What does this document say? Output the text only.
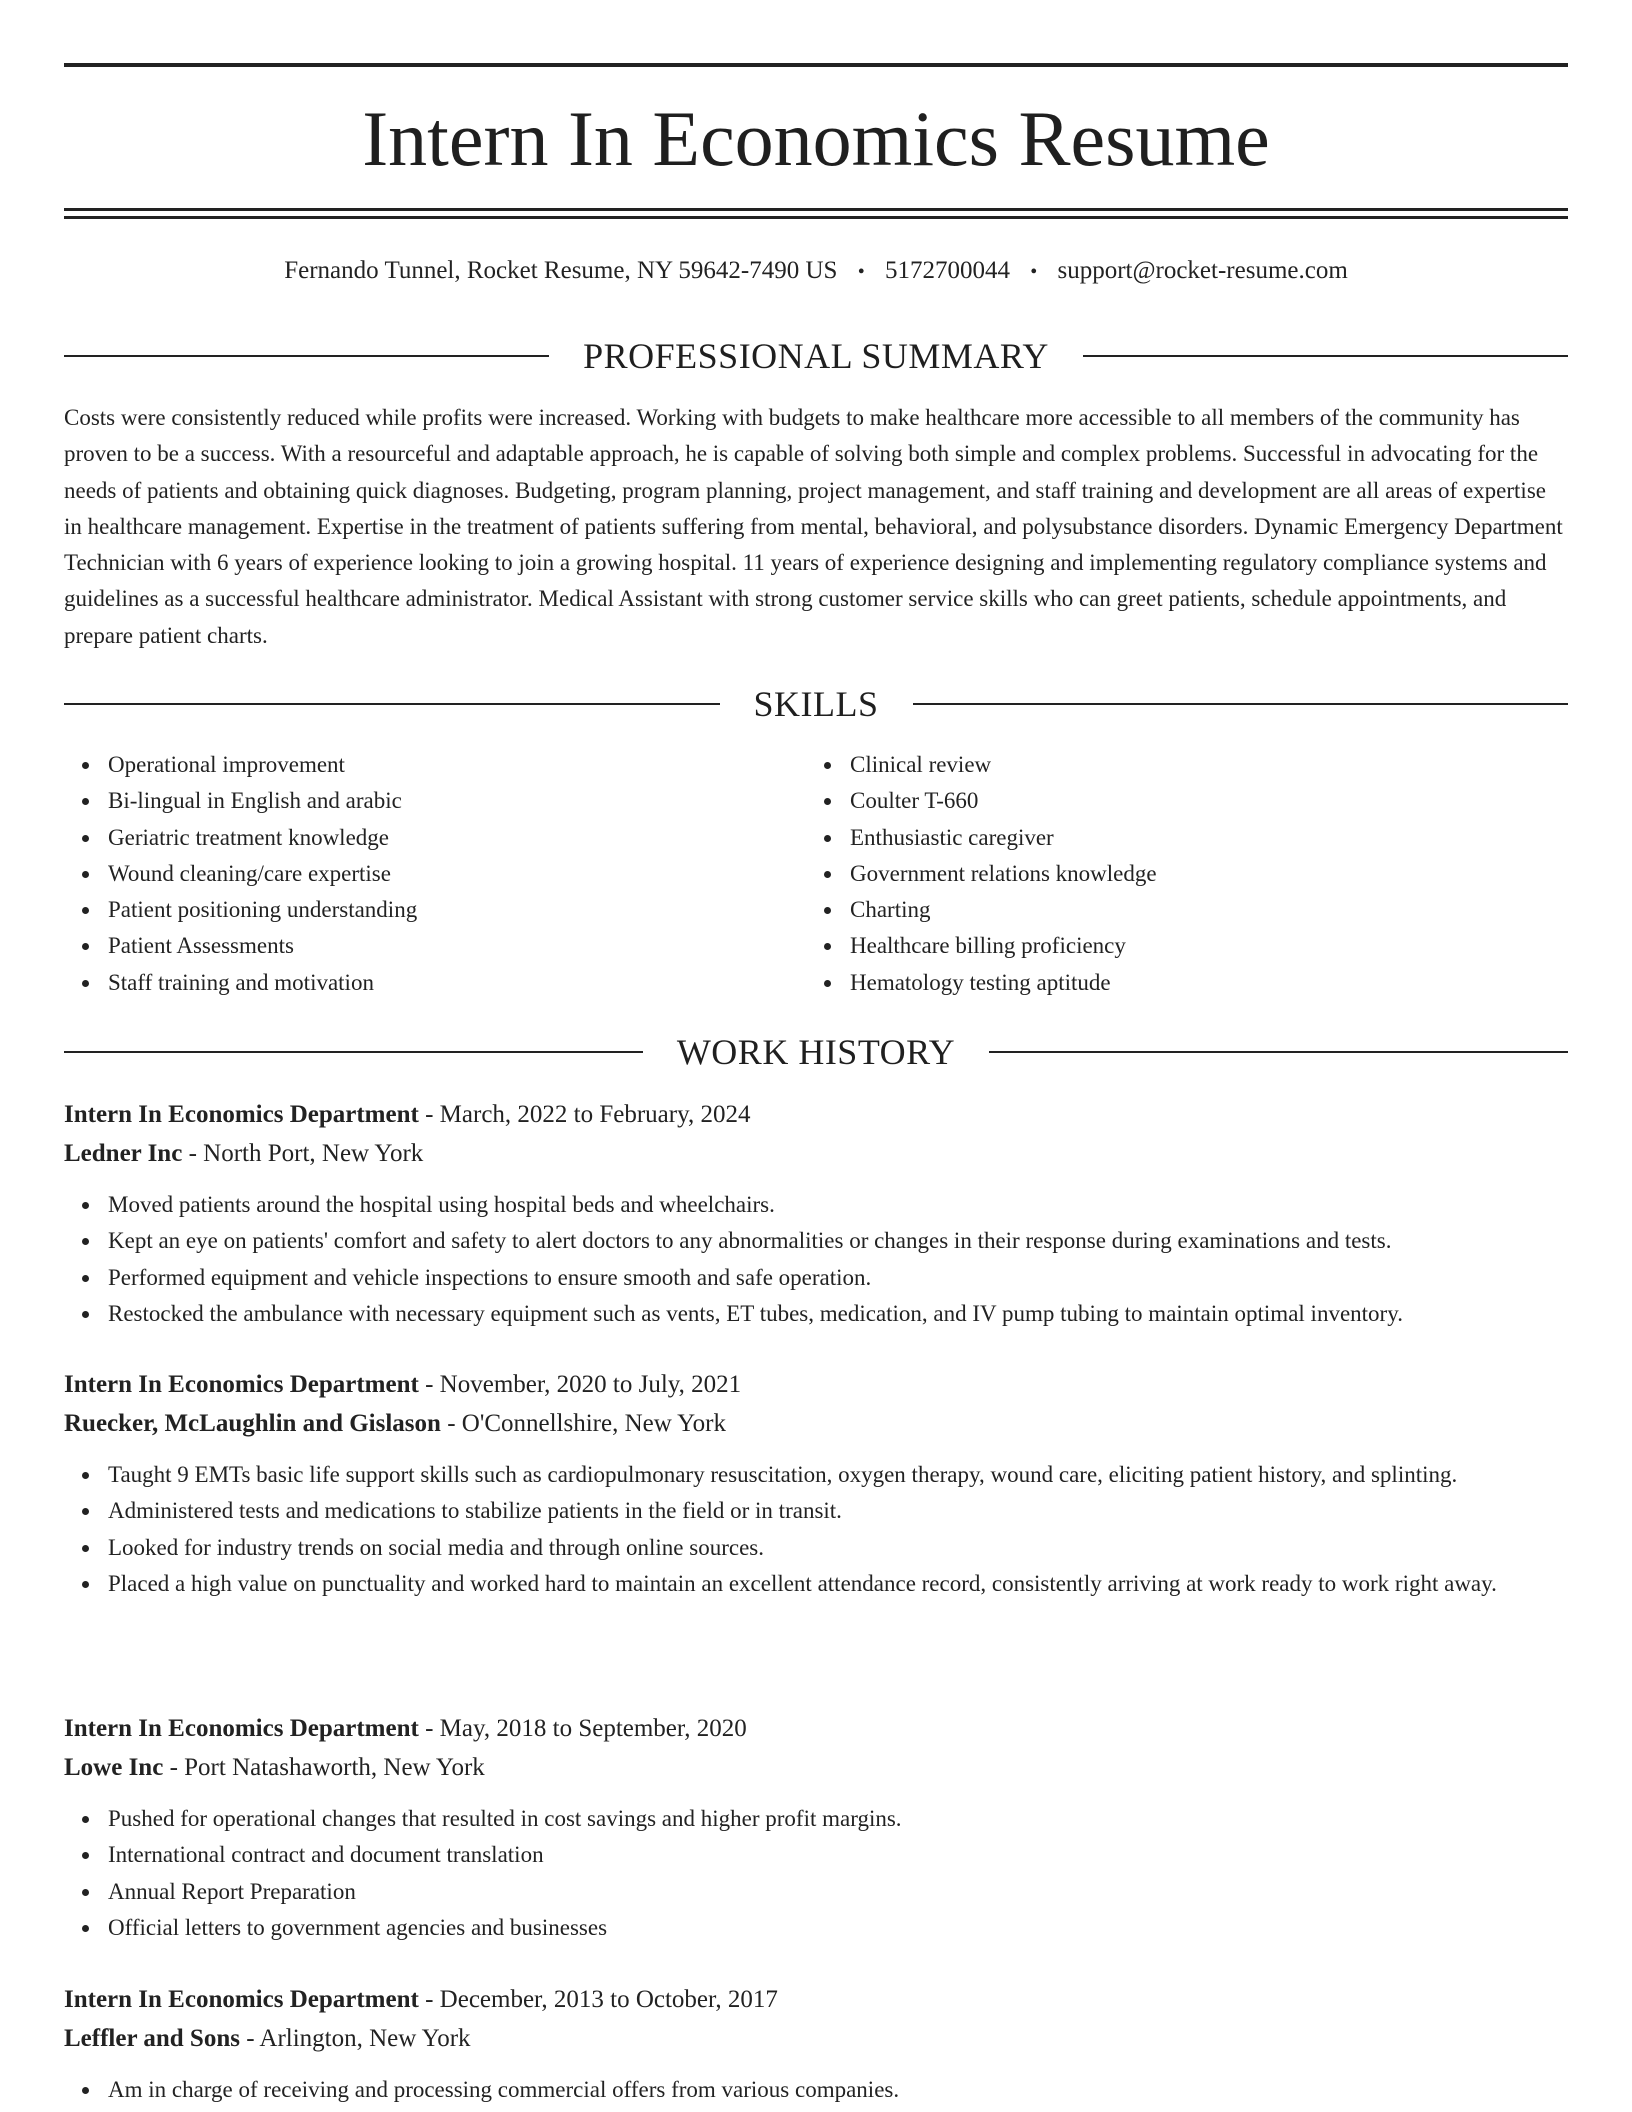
Intern In Economics Resume
Fernando Tunnel, Rocket Resume, NY 59642-7490 US • 5172700044 • support@rocket-resume.com
PROFESSIONAL SUMMARY

Costs were consistently reduced while profits were increased. Working with budgets to make healthcare more accessible to all members of the community has proven to be a success. With a resourceful and adaptable approach, he is capable of solving both simple and complex problems. Successful in advocating for the needs of patients and obtaining quick diagnoses. Budgeting, program planning, project management, and staff training and development are all areas of expertise in healthcare management. Expertise in the treatment of patients suffering from mental, behavioral, and polysubstance disorders. Dynamic Emergency Department Technician with 6 years of experience looking to join a growing hospital. 11 years of experience designing and implementing regulatory compliance systems and guidelines as a successful healthcare administrator. Medical Assistant with strong customer service skills who can greet patients, schedule appointments, and prepare patient charts.

SKILLS
Operational improvement
Bi-lingual in English and arabic
Geriatric treatment knowledge
Wound cleaning/care expertise
Patient positioning understanding
Patient Assessments
Staff training and motivation
Clinical review
Coulter T-660
Enthusiastic caregiver
Government relations knowledge
Charting
Healthcare billing proficiency
Hematology testing aptitude
WORK HISTORY
Intern In Economics Department - March, 2022 to February, 2024
Ledner Inc - North Port, New York
Moved patients around the hospital using hospital beds and wheelchairs.
Kept an eye on patients' comfort and safety to alert doctors to any abnormalities or changes in their response during examinations and tests.
Performed equipment and vehicle inspections to ensure smooth and safe operation.
Restocked the ambulance with necessary equipment such as vents, ET tubes, medication, and IV pump tubing to maintain optimal inventory.
Intern In Economics Department - November, 2020 to July, 2021
Ruecker, McLaughlin and Gislason - O'Connellshire, New York
Taught 9 EMTs basic life support skills such as cardiopulmonary resuscitation, oxygen therapy, wound care, eliciting patient history, and splinting.
Administered tests and medications to stabilize patients in the field or in transit.
Looked for industry trends on social media and through online sources.
Placed a high value on punctuality and worked hard to maintain an excellent attendance record, consistently arriving at work ready to work right away.
Intern In Economics Department - May, 2018 to September, 2020
Lowe Inc - Port Natashaworth, New York
Pushed for operational changes that resulted in cost savings and higher profit margins.
International contract and document translation
Annual Report Preparation
Official letters to government agencies and businesses
Intern In Economics Department - December, 2013 to October, 2017
Leffler and Sons - Arlington, New York
Am in charge of receiving and processing commercial offers from various companies.
